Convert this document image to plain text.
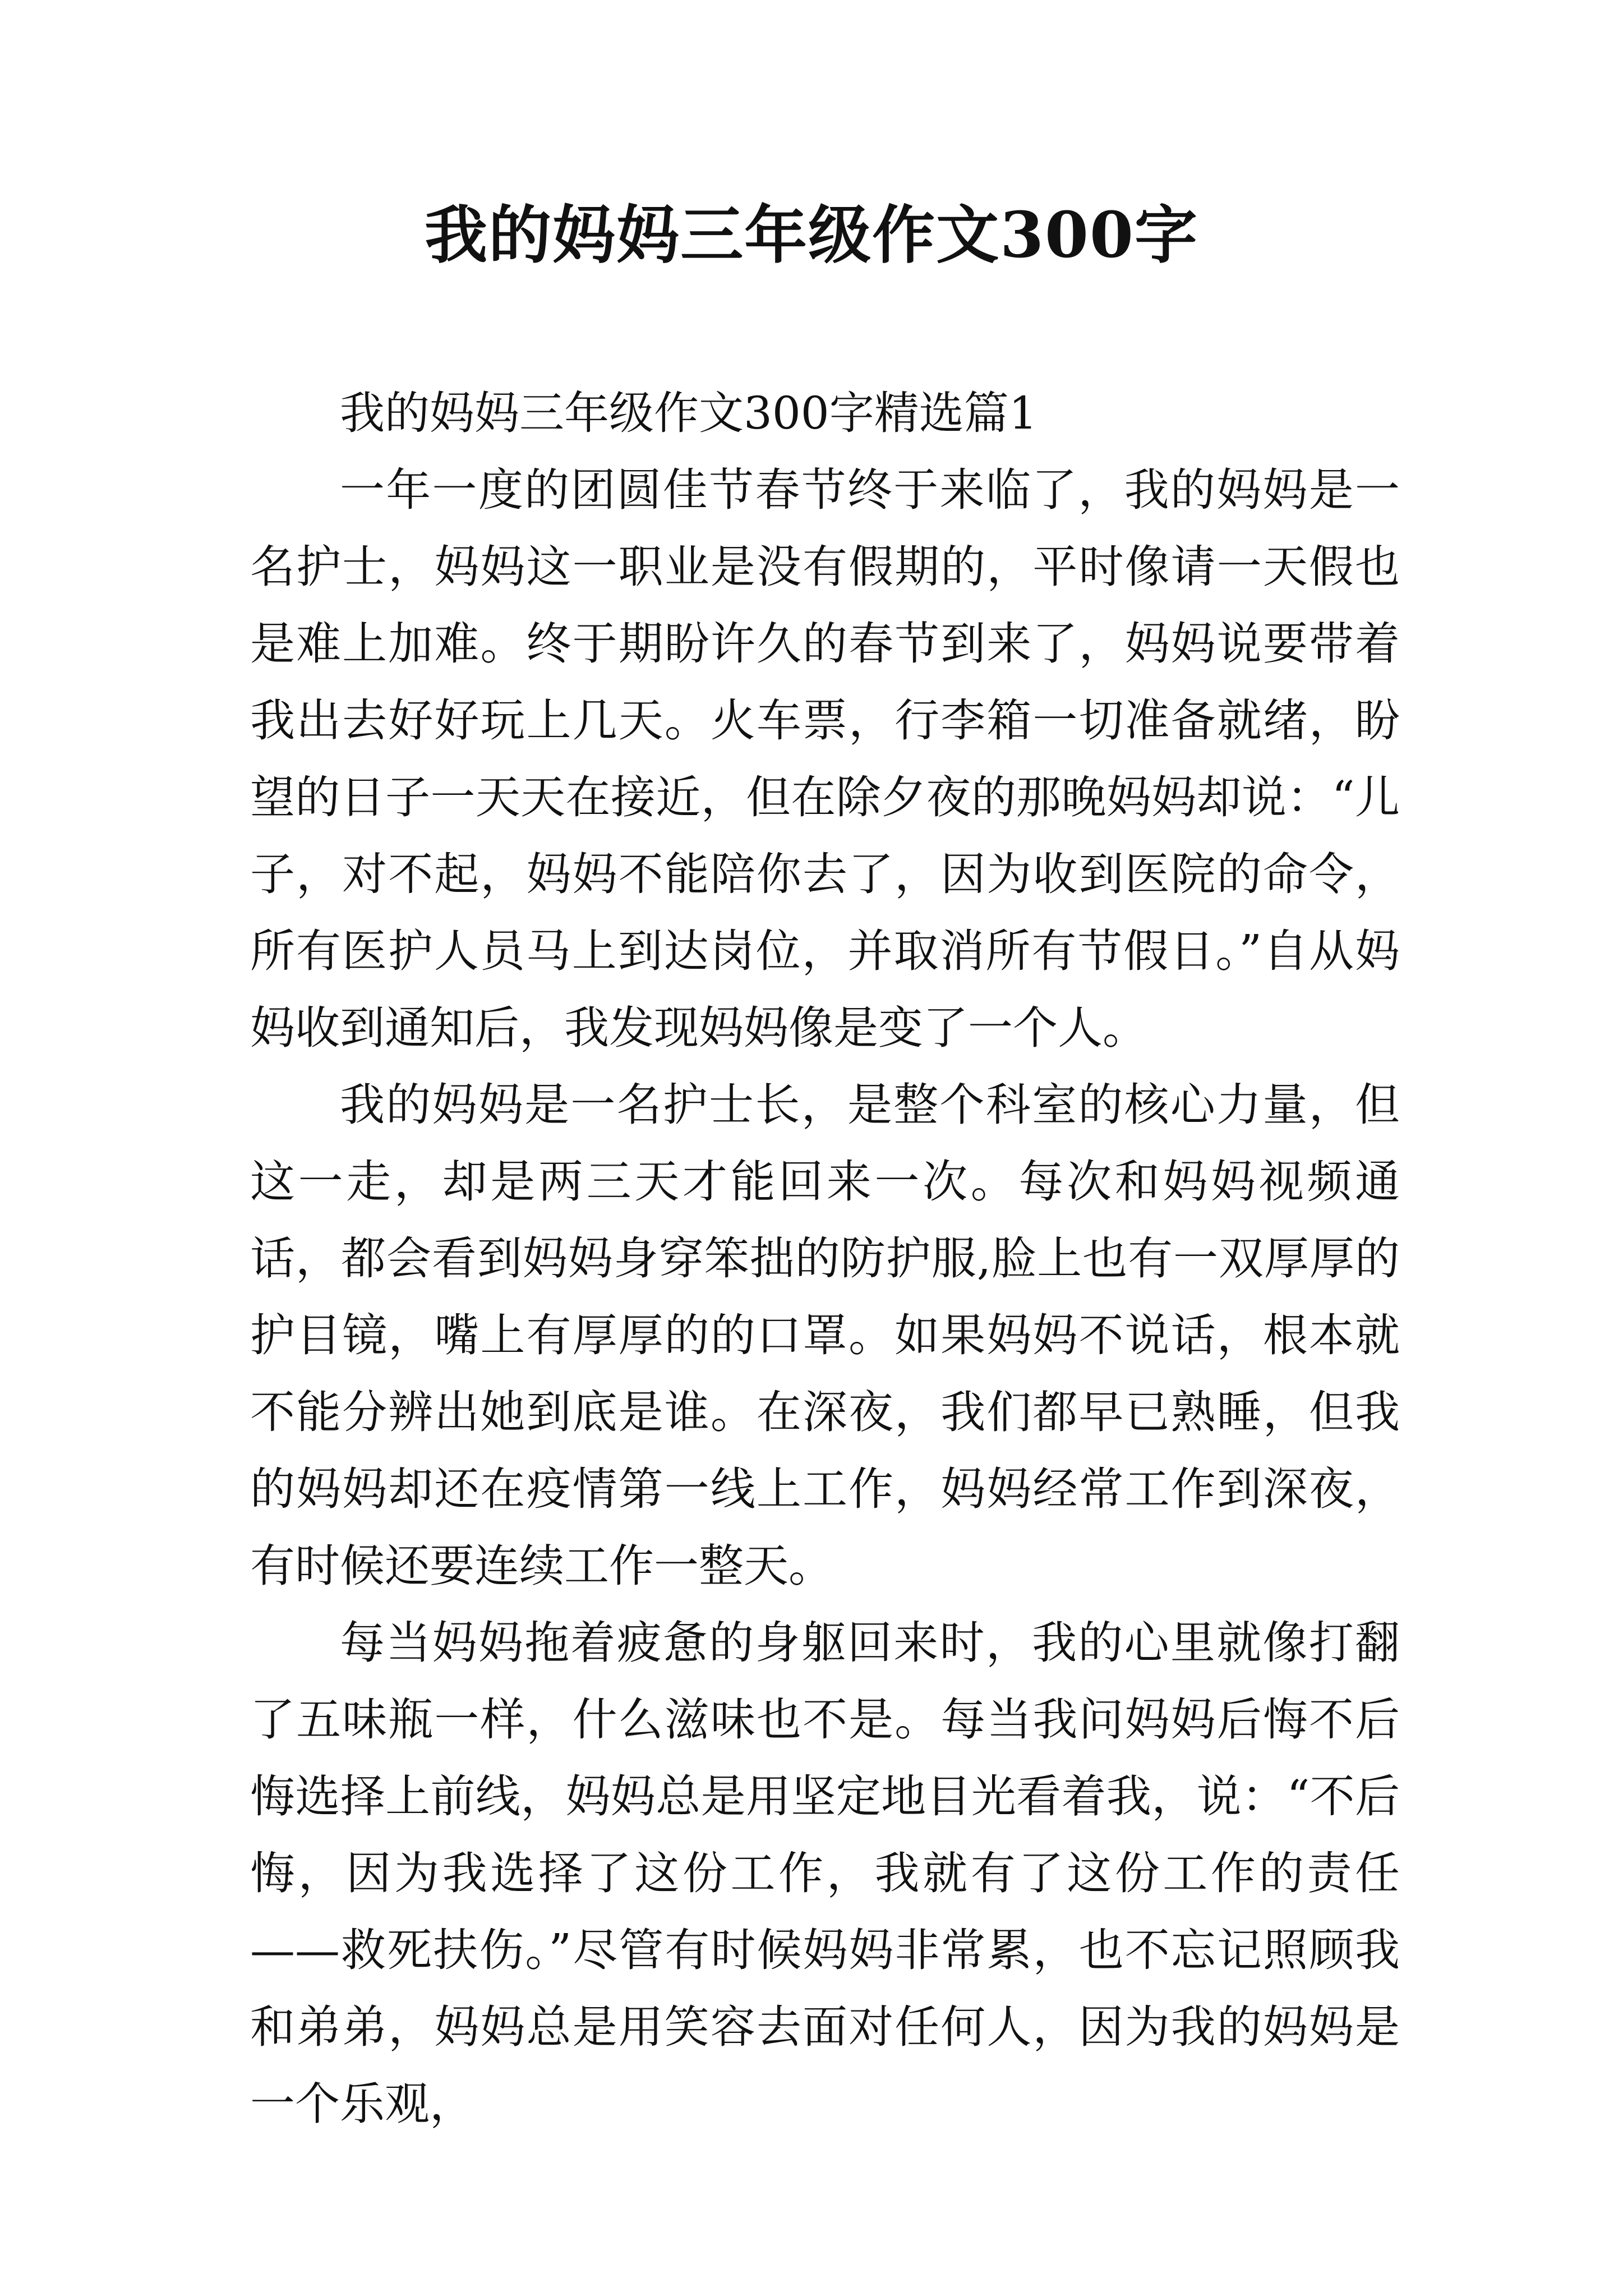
我的妈妈三年级作文300字

我的妈妈三年级作文300字精选篇1

一年一度的团圆佳节春节终于来临了，我的妈妈是一名护士，妈妈这一职业是没有假期的，平时像请一天假也是难上加难。终于期盼许久的春节到来了，妈妈说要带着我出去好好玩上几天。火车票，行李箱一切准备就绪，盼望的日子一天天在接近，但在除夕夜的那晚妈妈却说：“儿子，对不起，妈妈不能陪你去了，因为收到医院的命令，所有医护人员马上到达岗位，并取消所有节假日。”自从妈妈收到通知后，我发现妈妈像是变了一个人。

我的妈妈是一名护士长，是整个科室的核心力量，但这一走，却是两三天才能回来一次。每次和妈妈视频通话，都会看到妈妈身穿笨拙的防护服,脸上也有一双厚厚的护目镜，嘴上有厚厚的的口罩。如果妈妈不说话，根本就不能分辨出她到底是谁。在深夜，我们都早已熟睡，但我的妈妈却还在疫情第一线上工作，妈妈经常工作到深夜，有时候还要连续工作一整天。

每当妈妈拖着疲惫的身躯回来时，我的心里就像打翻了五味瓶一样，什么滋味也不是。每当我问妈妈后悔不后悔选择上前线，妈妈总是用坚定地目光看着我，说：“不后悔，因为我选择了这份工作，我就有了这份工作的责任——救死扶伤。”尽管有时候妈妈非常累，也不忘记照顾我和弟弟，妈妈总是用笑容去面对任何人，因为我的妈妈是一个乐观，
